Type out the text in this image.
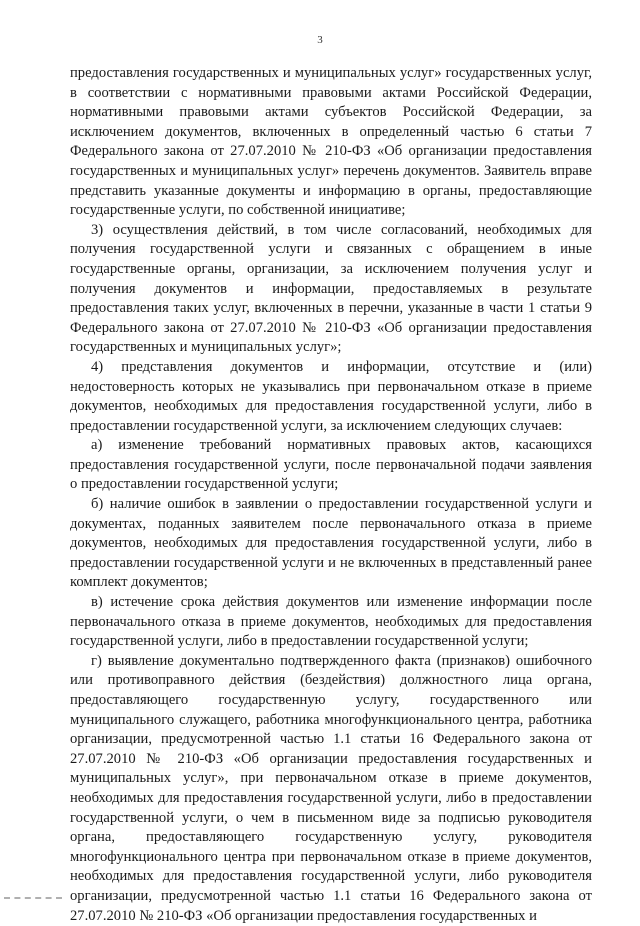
3

предоставления государственных и муниципальных услуг» государственных услуг, в соответствии с нормативными правовыми актами Российской Федерации, нормативными правовыми актами субъектов Российской Федерации, за исключением документов, включенных в определенный частью 6 статьи 7 Федерального закона от 27.07.2010 № 210-ФЗ «Об организации предоставления государственных и муниципальных услуг» перечень документов. Заявитель вправе представить указанные документы и информацию в органы, предоставляющие государственные услуги, по собственной инициативе;

3) осуществления действий, в том числе согласований, необходимых для получения государственной услуги и связанных с обращением в иные государственные органы, организации, за исключением получения услуг и получения документов и информации, предоставляемых в результате предоставления таких услуг, включенных в перечни, указанные в части 1 статьи 9 Федерального закона от 27.07.2010 № 210-ФЗ «Об организации предоставления государственных и муниципальных услуг»;

4) представления документов и информации, отсутствие и (или) недостоверность которых не указывались при первоначальном отказе в приеме документов, необходимых для предоставления государственной услуги, либо в предоставлении государственной услуги, за исключением следующих случаев:

а) изменение требований нормативных правовых актов, касающихся предоставления государственной услуги, после первоначальной подачи заявления о предоставлении государственной услуги;

б) наличие ошибок в заявлении о предоставлении государственной услуги и документах, поданных заявителем после первоначального отказа в приеме документов, необходимых для предоставления государственной услуги, либо в предоставлении государственной услуги и не включенных в представленный ранее комплект документов;

в) истечение срока действия документов или изменение информации после первоначального отказа в приеме документов, необходимых для предоставления государственной услуги, либо в предоставлении государственной услуги;

г) выявление документально подтвержденного факта (признаков) ошибочного или противоправного действия (бездействия) должностного лица органа, предоставляющего государственную услугу, государственного или муниципального служащего, работника многофункционального центра, работника организации, предусмотренной частью 1.1 статьи 16 Федерального закона от 27.07.2010 № 210-ФЗ «Об организации предоставления государственных и муниципальных услуг», при первоначальном отказе в приеме документов, необходимых для предоставления государственной услуги, либо в предоставлении государственной услуги, о чем в письменном виде за подписью руководителя органа, предоставляющего государственную услугу, руководителя многофункционального центра при первоначальном отказе в приеме документов, необходимых для предоставления государственной услуги, либо руководителя организации, предусмотренной частью 1.1 статьи 16 Федерального закона от 27.07.2010 № 210-ФЗ «Об организации предоставления государственных и
